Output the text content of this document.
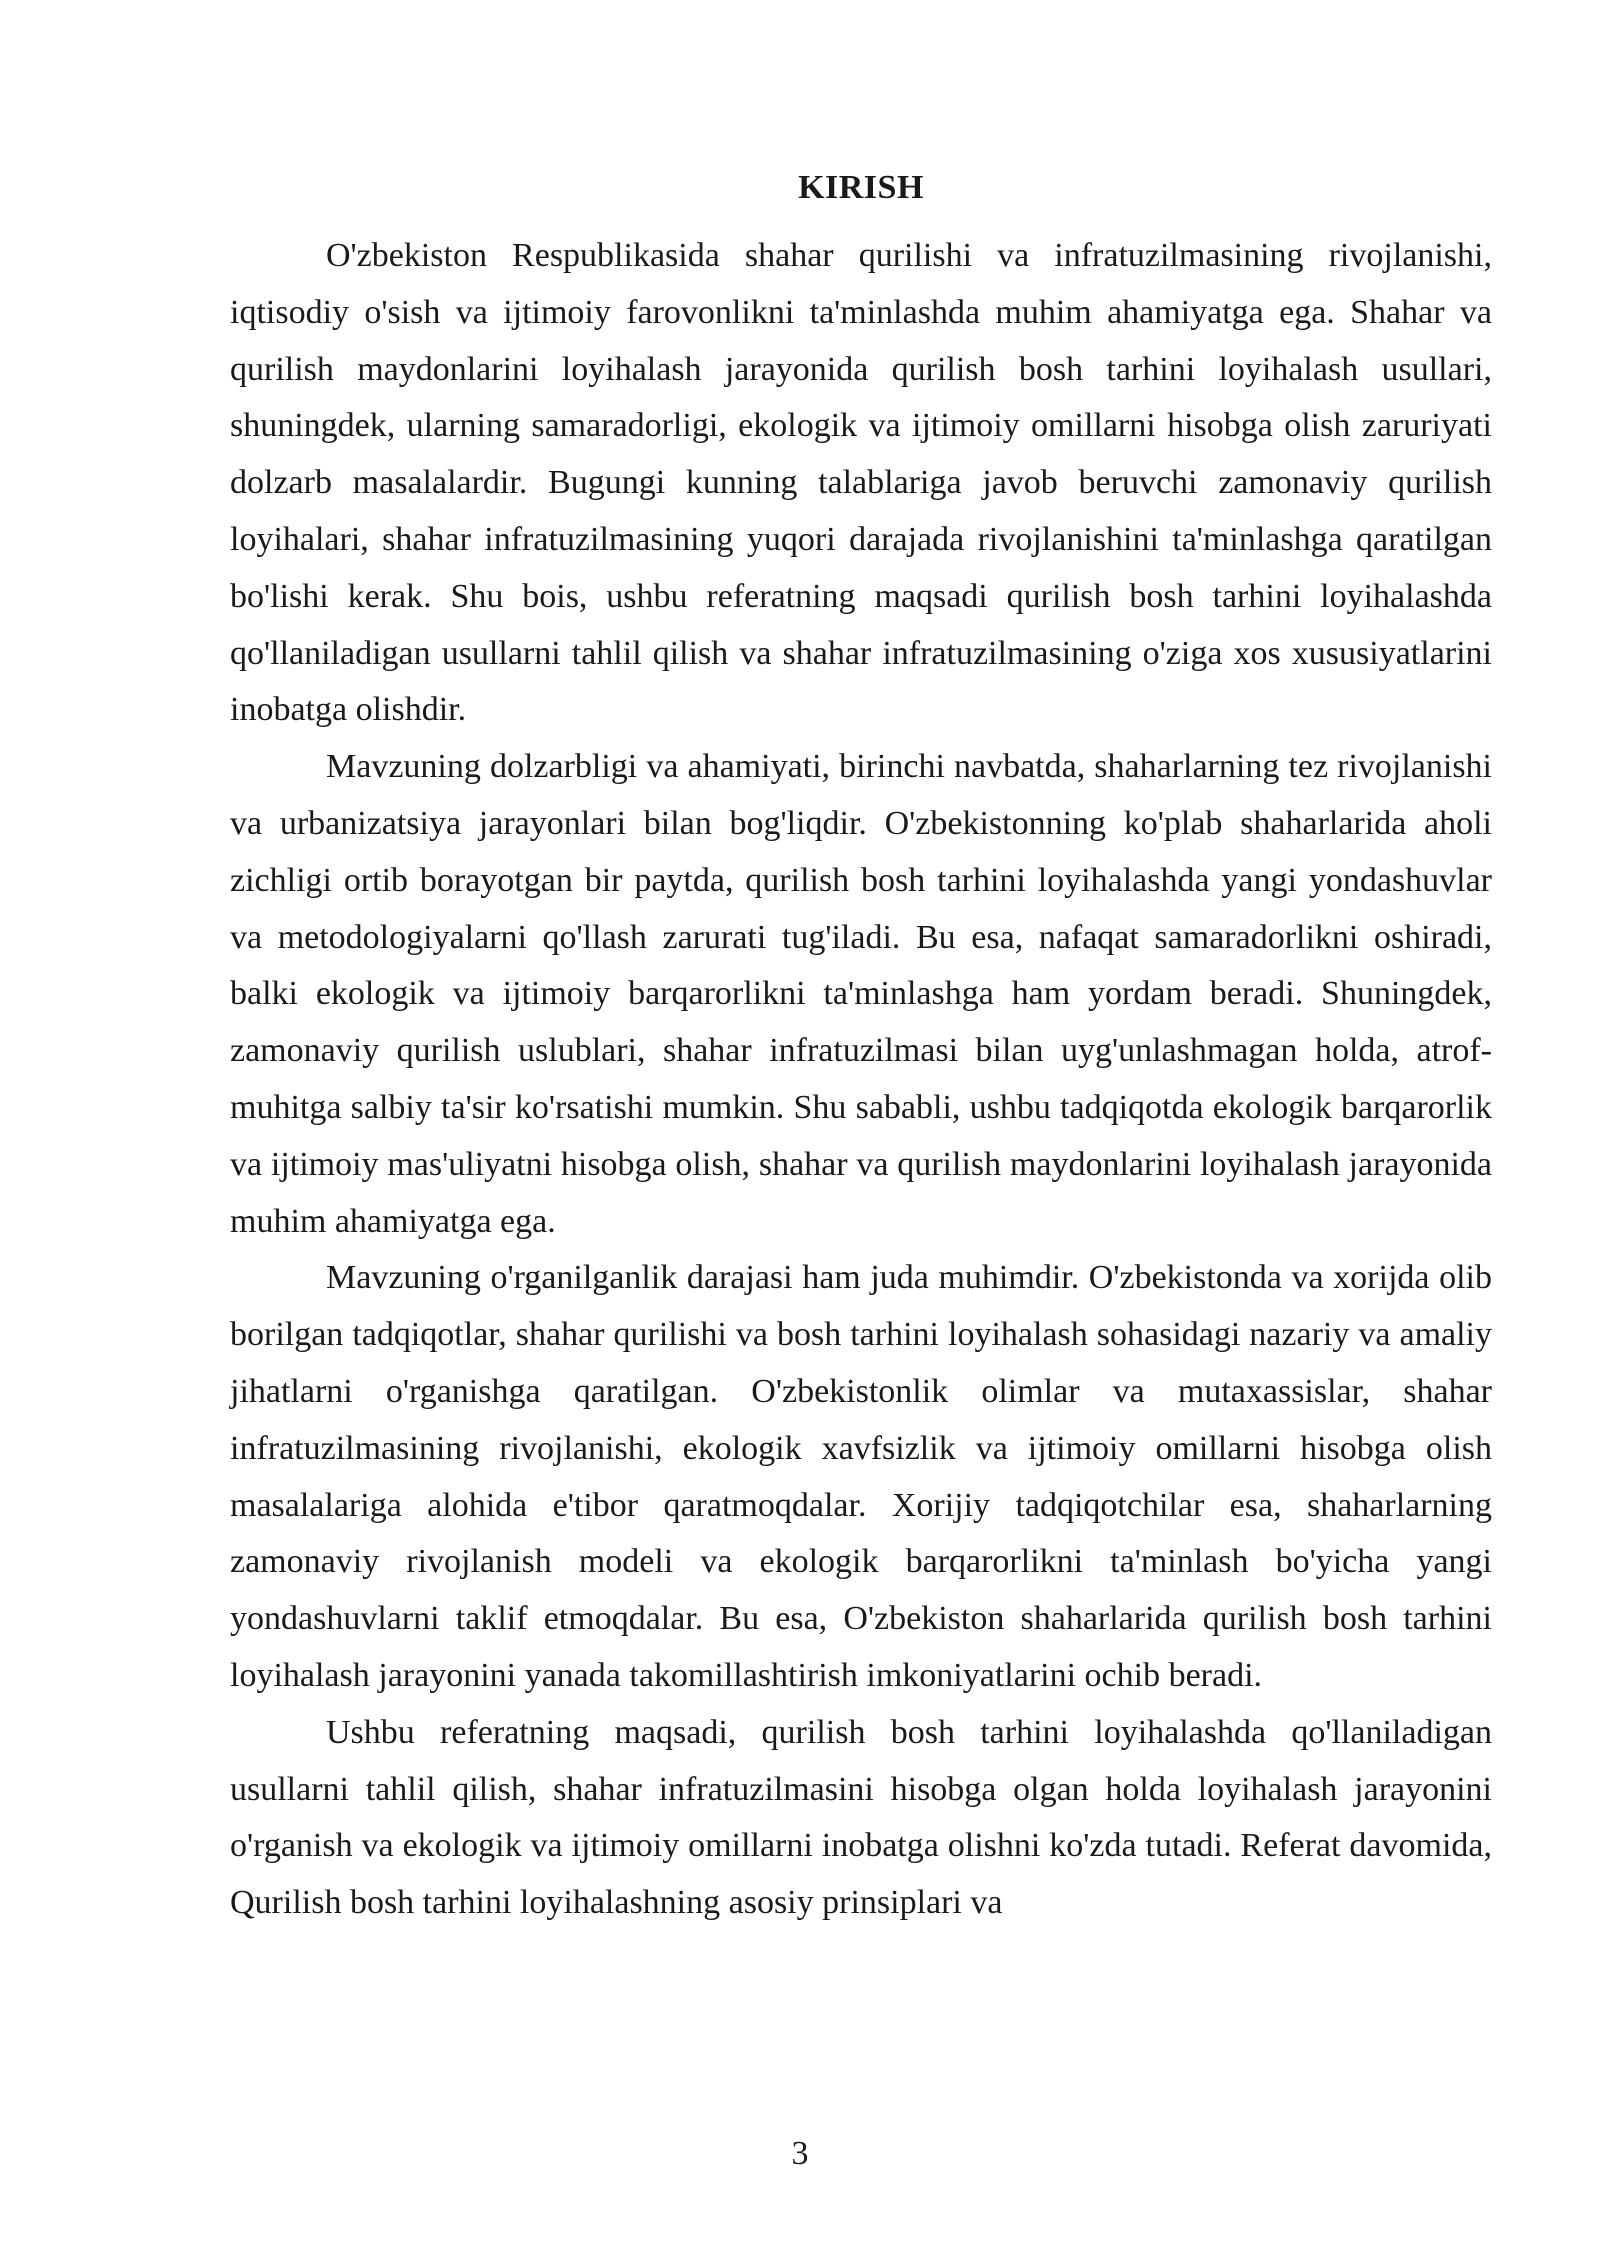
KIRISH

O'zbekiston Respublikasida shahar qurilishi va infratuzilmasining rivojlanishi, iqtisodiy o'sish va ijtimoiy farovonlikni ta'minlashda muhim ahamiyatga ega. Shahar va qurilish maydonlarini loyihalash jarayonida qurilish bosh tarhini loyihalash usullari, shuningdek, ularning samaradorligi, ekologik va ijtimoiy omillarni hisobga olish zaruriyati dolzarb masalalardir. Bugungi kunning talablariga javob beruvchi zamonaviy qurilish loyihalari, shahar infratuzilmasining yuqori darajada rivojlanishini ta'minlashga qaratilgan bo'lishi kerak. Shu bois, ushbu referatning maqsadi qurilish bosh tarhini loyihalashda qo'llaniladigan usullarni tahlil qilish va shahar infratuzilmasining o'ziga xos xususiyatlarini inobatga olishdir.

Mavzuning dolzarbligi va ahamiyati, birinchi navbatda, shaharlarning tez rivojlanishi va urbanizatsiya jarayonlari bilan bog'liqdir. O'zbekistonning ko'plab shaharlarida aholi zichligi ortib borayotgan bir paytda, qurilish bosh tarhini loyihalashda yangi yondashuvlar va metodologiyalarni qo'llash zarurati tug'iladi. Bu esa, nafaqat samaradorlikni oshiradi, balki ekologik va ijtimoiy barqarorlikni ta'minlashga ham yordam beradi. Shuningdek, zamonaviy qurilish uslublari, shahar infratuzilmasi bilan uyg'unlashmagan holda, atrof-muhitga salbiy ta'sir ko'rsatishi mumkin. Shu sababli, ushbu tadqiqotda ekologik barqarorlik va ijtimoiy mas'uliyatni hisobga olish, shahar va qurilish maydonlarini loyihalash jarayonida muhim ahamiyatga ega.

Mavzuning o'rganilganlik darajasi ham juda muhimdir. O'zbekistonda va xorijda olib borilgan tadqiqotlar, shahar qurilishi va bosh tarhini loyihalash sohasidagi nazariy va amaliy jihatlarni o'rganishga qaratilgan. O'zbekistonlik olimlar va mutaxassislar, shahar infratuzilmasining rivojlanishi, ekologik xavfsizlik va ijtimoiy omillarni hisobga olish masalalariga alohida e'tibor qaratmoqdalar. Xorijiy tadqiqotchilar esa, shaharlarning zamonaviy rivojlanish modeli va ekologik barqarorlikni ta'minlash bo'yicha yangi yondashuvlarni taklif etmoqdalar. Bu esa, O'zbekiston shaharlarida qurilish bosh tarhini loyihalash jarayonini yanada takomillashtirish imkoniyatlarini ochib beradi.

Ushbu referatning maqsadi, qurilish bosh tarhini loyihalashda qo'llaniladigan usullarni tahlil qilish, shahar infratuzilmasini hisobga olgan holda loyihalash jarayonini o'rganish va ekologik va ijtimoiy omillarni inobatga olishni ko'zda tutadi. Referat davomida, Qurilish bosh tarhini loyihalashning asosiy prinsiplari va

3
